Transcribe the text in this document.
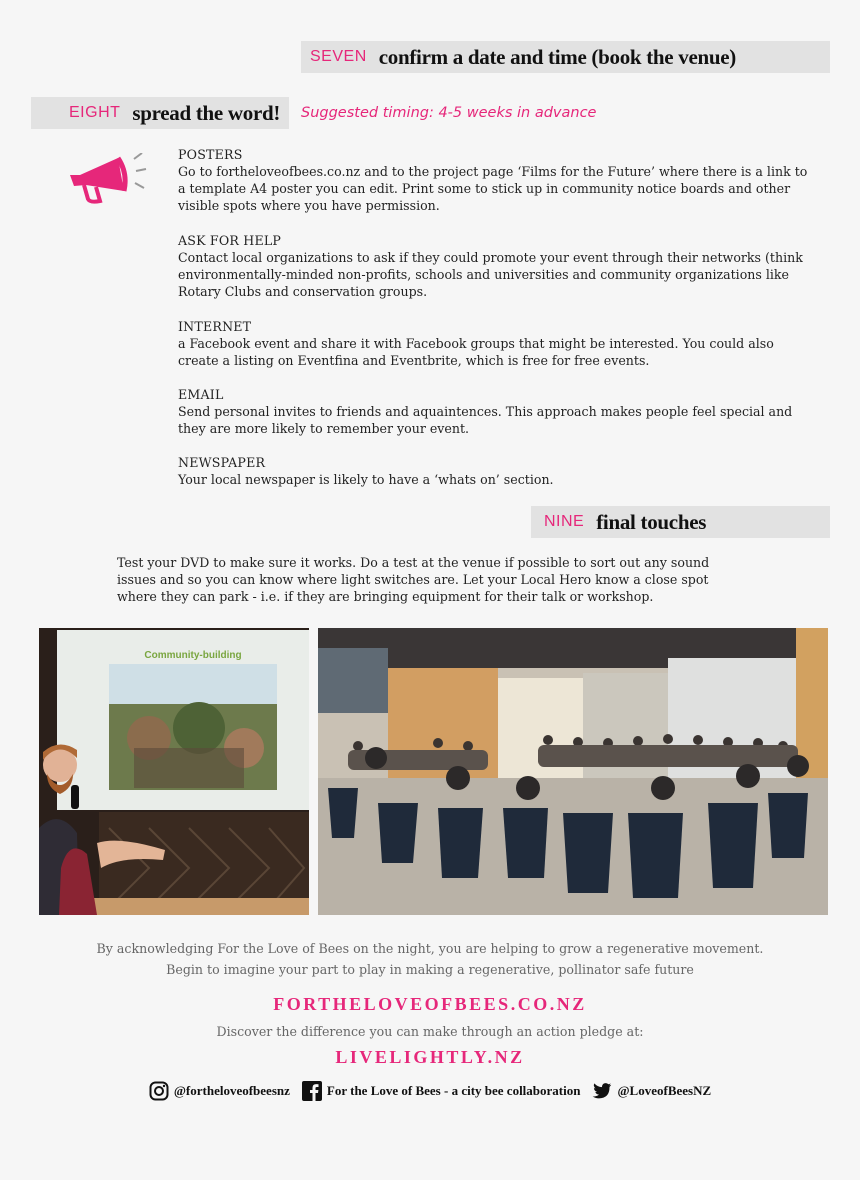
SEVEN confirm a date and time (book the venue)
EIGHT spread the word! Suggested timing: 4-5 weeks in advance
POSTERS
Go to fortheloveofbees.co.nz and to the project page ‘Films for the Future’ where there is a link to a template A4 poster you can edit. Print some to stick up in community notice boards and other visible spots where you have permission.
ASK FOR HELP
Contact local organizations to ask if they could promote your event through their networks (think environmentally-minded non-profits, schools and universities and community organizations like Rotary Clubs and conservation groups.
INTERNET
a Facebook event and share it with Facebook groups that might be interested. You could also create a listing on Eventfina and Eventbrite, which is free for free events.
EMAIL
Send personal invites to friends and aquaintences. This approach makes people feel special and they are more likely to remember your event.
NEWSPAPER
Your local newspaper is likely to have a ‘whats on’ section.
NINE final touches
Test your DVD to make sure it works. Do a test at the venue if possible to sort out any sound issues and so you can know where light switches are. Let your Local Hero know a close spot where they can park - i.e. if they are bringing equipment for their talk or workshop.
Community-building
By acknowledging For the Love of Bees on the night, you are helping to grow a regenerative movement.
Begin to imagine your part to play in making a regenerative, pollinator safe future
FORTHELOVEOFBEES.CO.NZ
Discover the difference you can make through an action pledge at:
LIVELIGHTLY.NZ
@fortheloveofbeesnz	For the Love of Bees - a city bee collaboration	@LoveofBeesNZ
